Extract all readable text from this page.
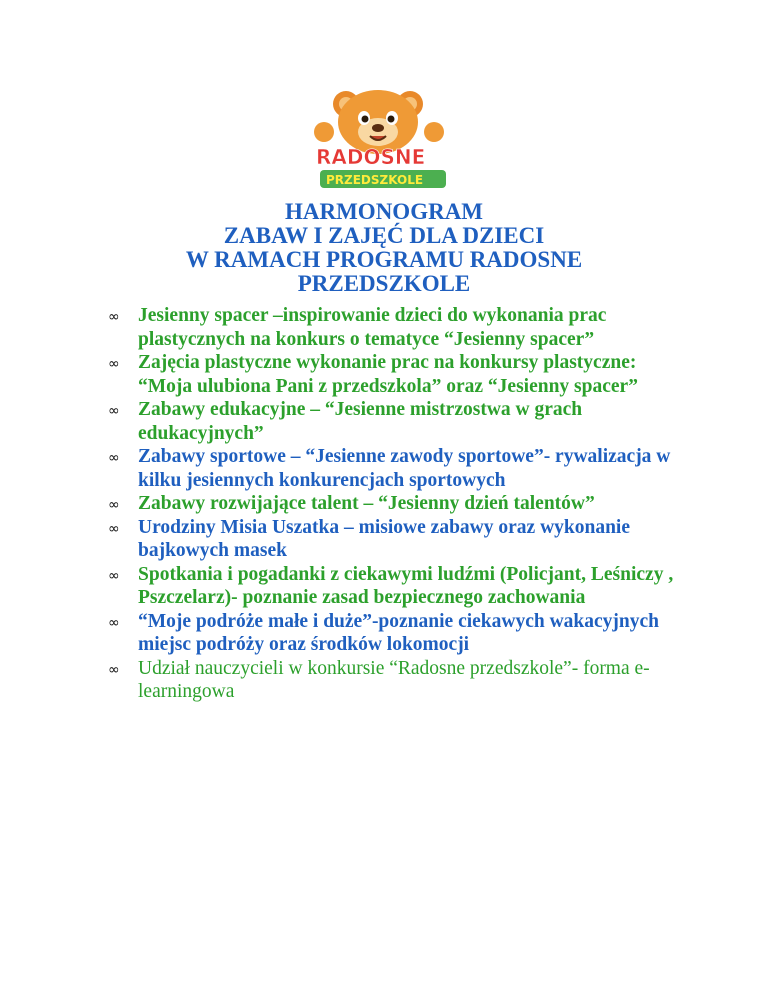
RADOSNE
PRZEDSZKOLE
HARMONOGRAM
ZABAW I ZAJĘĆ DLA DZIECI
W RAMACH PROGRAMU RADOSNE
PRZEDSZKOLE
∞ Jesienny spacer –inspirowanie dzieci do wykonania prac plastycznych na konkurs o tematyce “Jesienny spacer”
∞ Zajęcia plastyczne wykonanie prac na konkursy plastyczne: “Moja ulubiona Pani z przedszkola” oraz “Jesienny spacer”
∞ Zabawy edukacyjne – “Jesienne mistrzostwa w grach edukacyjnych”
∞ Zabawy sportowe – “Jesienne zawody sportowe”- rywalizacja w kilku jesiennych konkurencjach sportowych
∞ Zabawy rozwijające talent – “Jesienny dzień talentów”
∞ Urodziny Misia Uszatka – misiowe zabawy oraz wykonanie bajkowych masek
∞ Spotkania i pogadanki z ciekawymi ludźmi (Policjant, Leśniczy , Pszczelarz)- poznanie zasad bezpiecznego zachowania
∞ “Moje podróże małe i duże”-poznanie ciekawych wakacyjnych miejsc podróży oraz środków lokomocji
∞ Udział nauczycieli w konkursie “Radosne przedszkole”- forma e-learningowa
